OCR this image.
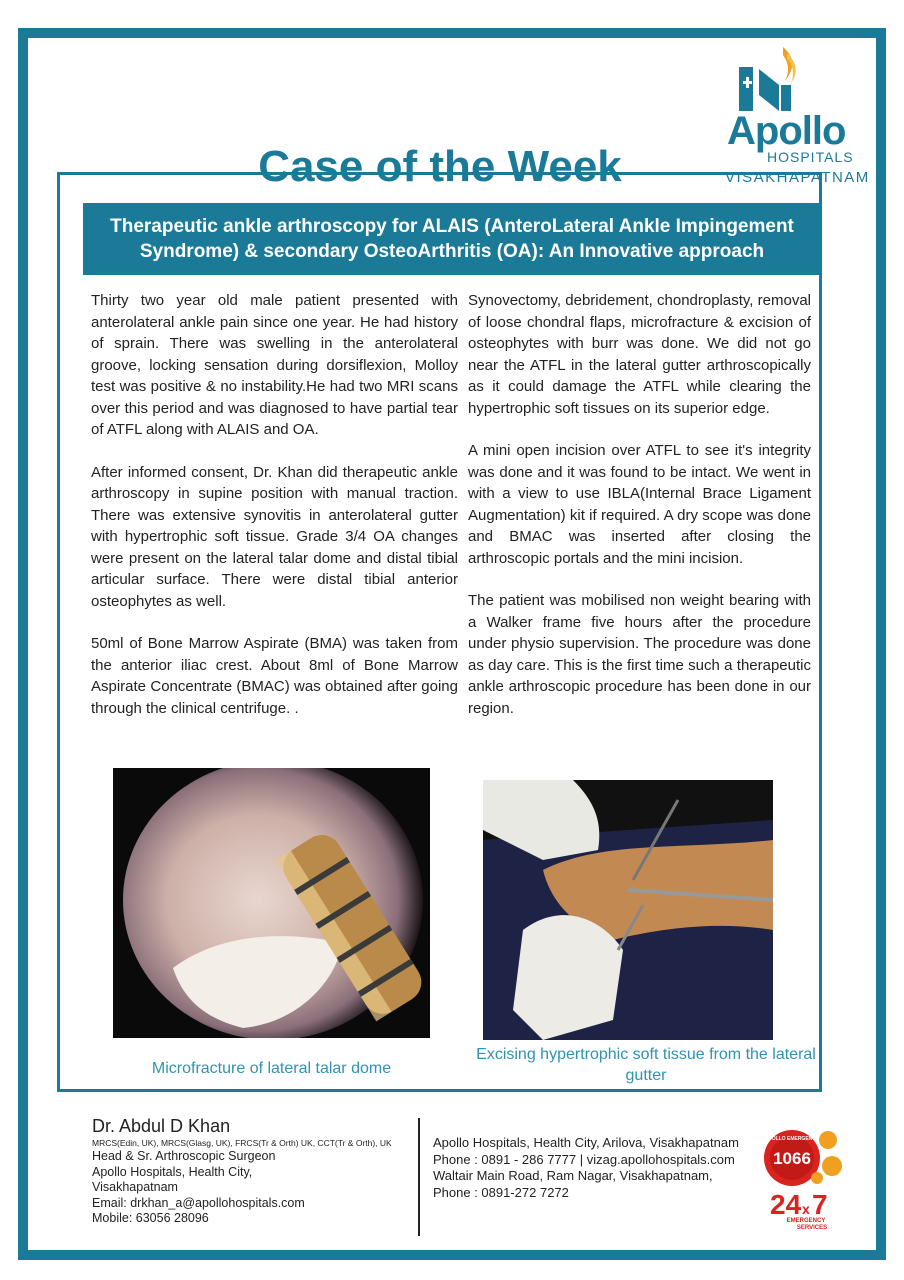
Apollo
HOSPITALS
VISAKHAPATNAM
Case of the Week
Therapeutic ankle arthroscopy for ALAIS (AnteroLateral Ankle Impingement Syndrome) & secondary OsteoArthritis (OA): An Innovative approach

Thirty two year old male patient presented with anterolateral ankle pain since one year. He had history of sprain. There was swelling in the anterolateral groove, locking sensation during dorsiflexion, Molloy test was positive & no instability.He had two MRI scans over this period and was diagnosed to have partial tear of ATFL along with ALAIS and OA.

After informed consent, Dr. Khan did therapeutic ankle arthroscopy in supine position with manual traction. There was extensive synovitis in anterolateral gutter with hypertrophic soft tissue. Grade 3/4 OA changes were present on the lateral talar dome and distal tibial articular surface. There were distal tibial anterior osteophytes as well.

50ml of Bone Marrow Aspirate (BMA) was taken from the anterior iliac crest. About 8ml of Bone Marrow Aspirate Concentrate (BMAC) was obtained after going through the clinical centrifuge. .

Synovectomy, debridement, chondroplasty, removal of loose chondral flaps, microfracture & excision of osteophytes with burr was done. We did not go near the ATFL in the lateral gutter arthroscopically as it could damage the ATFL while clearing the hypertrophic soft tissues on its superior edge.

A mini open incision over ATFL to see it's integrity was done and it was found to be intact. We went in with a view to use IBLA(Internal Brace Ligament Augmentation) kit if required. A dry scope was done and BMAC was inserted after closing the arthroscopic portals and the mini incision.

The patient was mobilised non weight bearing with a Walker frame five hours after the procedure under physio supervision. The procedure was done as day care. This is the first time such a therapeutic ankle arthroscopic procedure has been done in our region.

Microfracture of lateral talar dome
Excising hypertrophic soft tissue from the lateral gutter
Dr. Abdul D Khan
MRCS(Edin, UK), MRCS(Glasg, UK), FRCS(Tr & Orth) UK, CCT(Tr & Orth), UK
Head & Sr. Arthroscopic Surgeon
Apollo Hospitals, Health City,
Visakhapatnam
Email: drkhan_a@apollohospitals.com
Mobile: 63056 28096
Apollo Hospitals, Health City, Arilova, Visakhapatnam
Phone : 0891 - 286 7777 | vizag.apollohospitals.com
Waltair Main Road, Ram Nagar, Visakhapatnam,
Phone : 0891-272 7272
APOLLO EMERGENCY
1066
24 x 7
EMERGENCY
SERVICES
